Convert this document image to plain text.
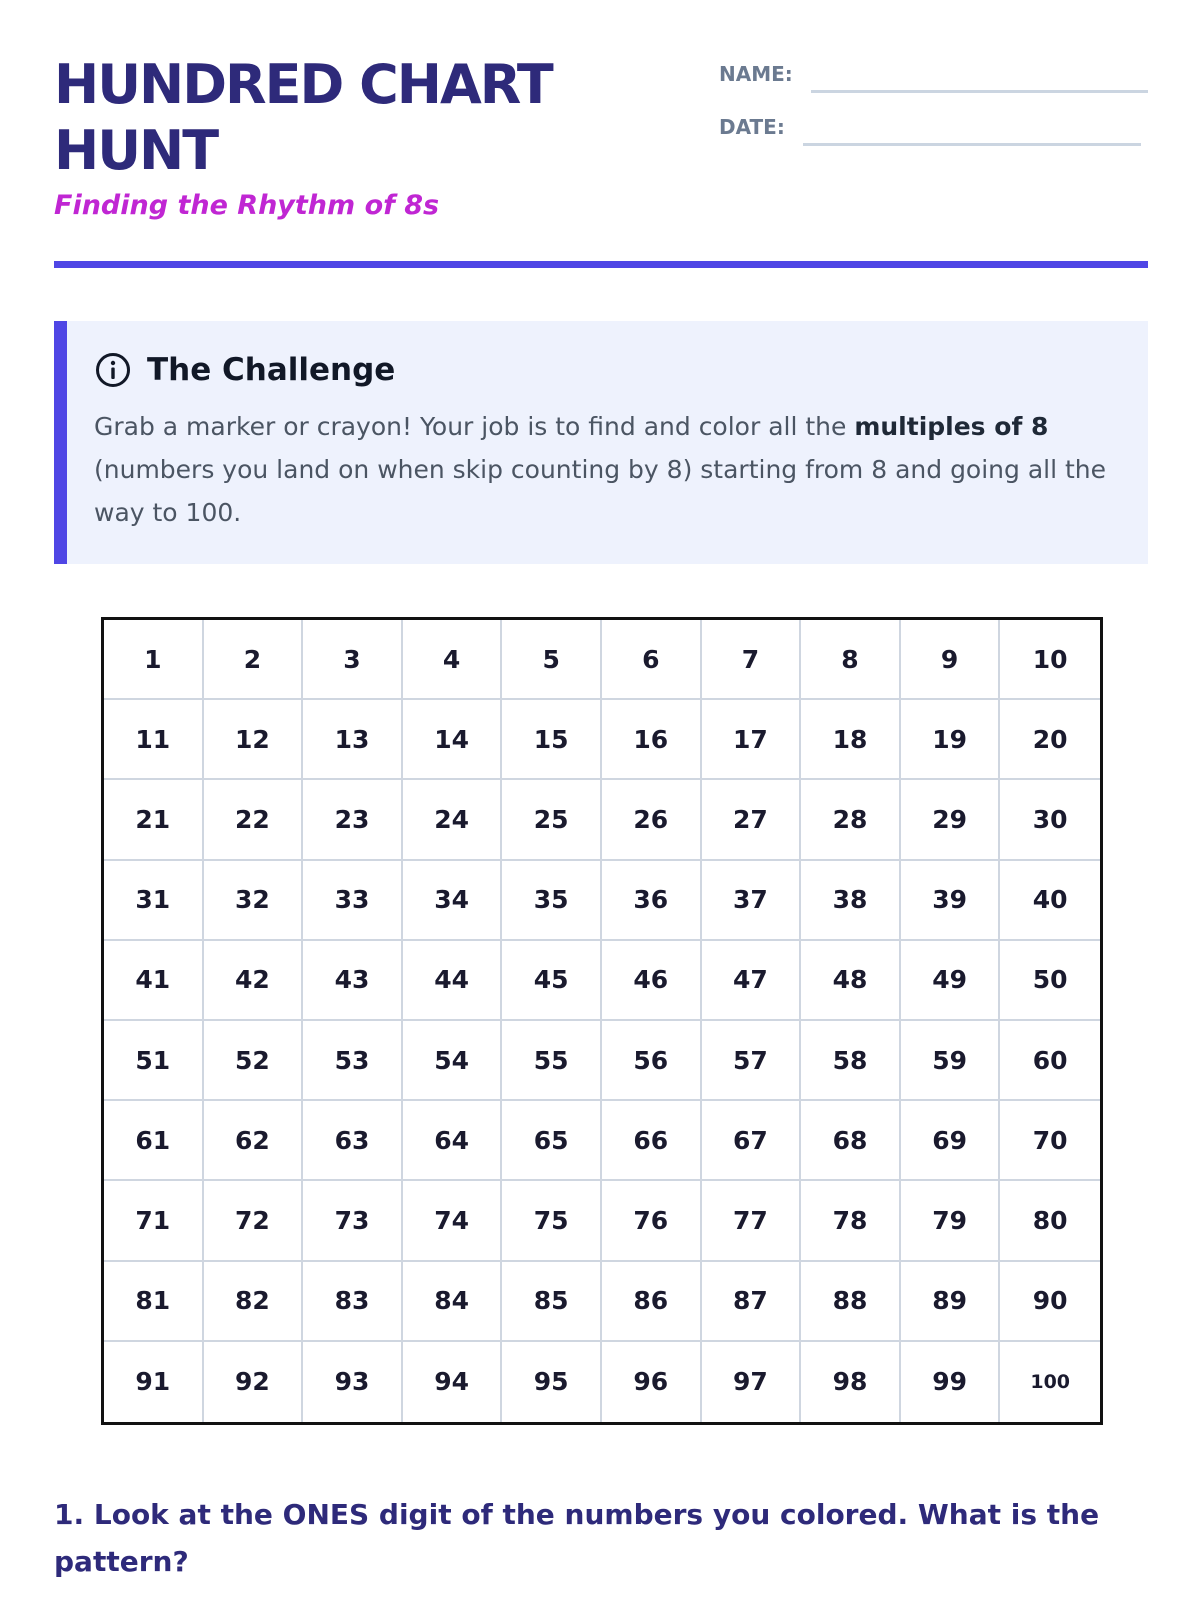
HUNDRED CHART HUNT

Finding the Rhythm of 8s

NAME:
DATE:
The Challenge

Grab a marker or crayon! Your job is to find and color all the multiples of 8 (numbers you land on when skip counting by 8) starting from 8 and going all the way to 100.

1	2	3	4	5	6	7	8	9	10
11	12	13	14	15	16	17	18	19	20
21	22	23	24	25	26	27	28	29	30
31	32	33	34	35	36	37	38	39	40
41	42	43	44	45	46	47	48	49	50
51	52	53	54	55	56	57	58	59	60
61	62	63	64	65	66	67	68	69	70
71	72	73	74	75	76	77	78	79	80
81	82	83	84	85	86	87	88	89	90
91	92	93	94	95	96	97	98	99	100

1. Look at the ONES digit of the numbers you colored. What is the pattern?
